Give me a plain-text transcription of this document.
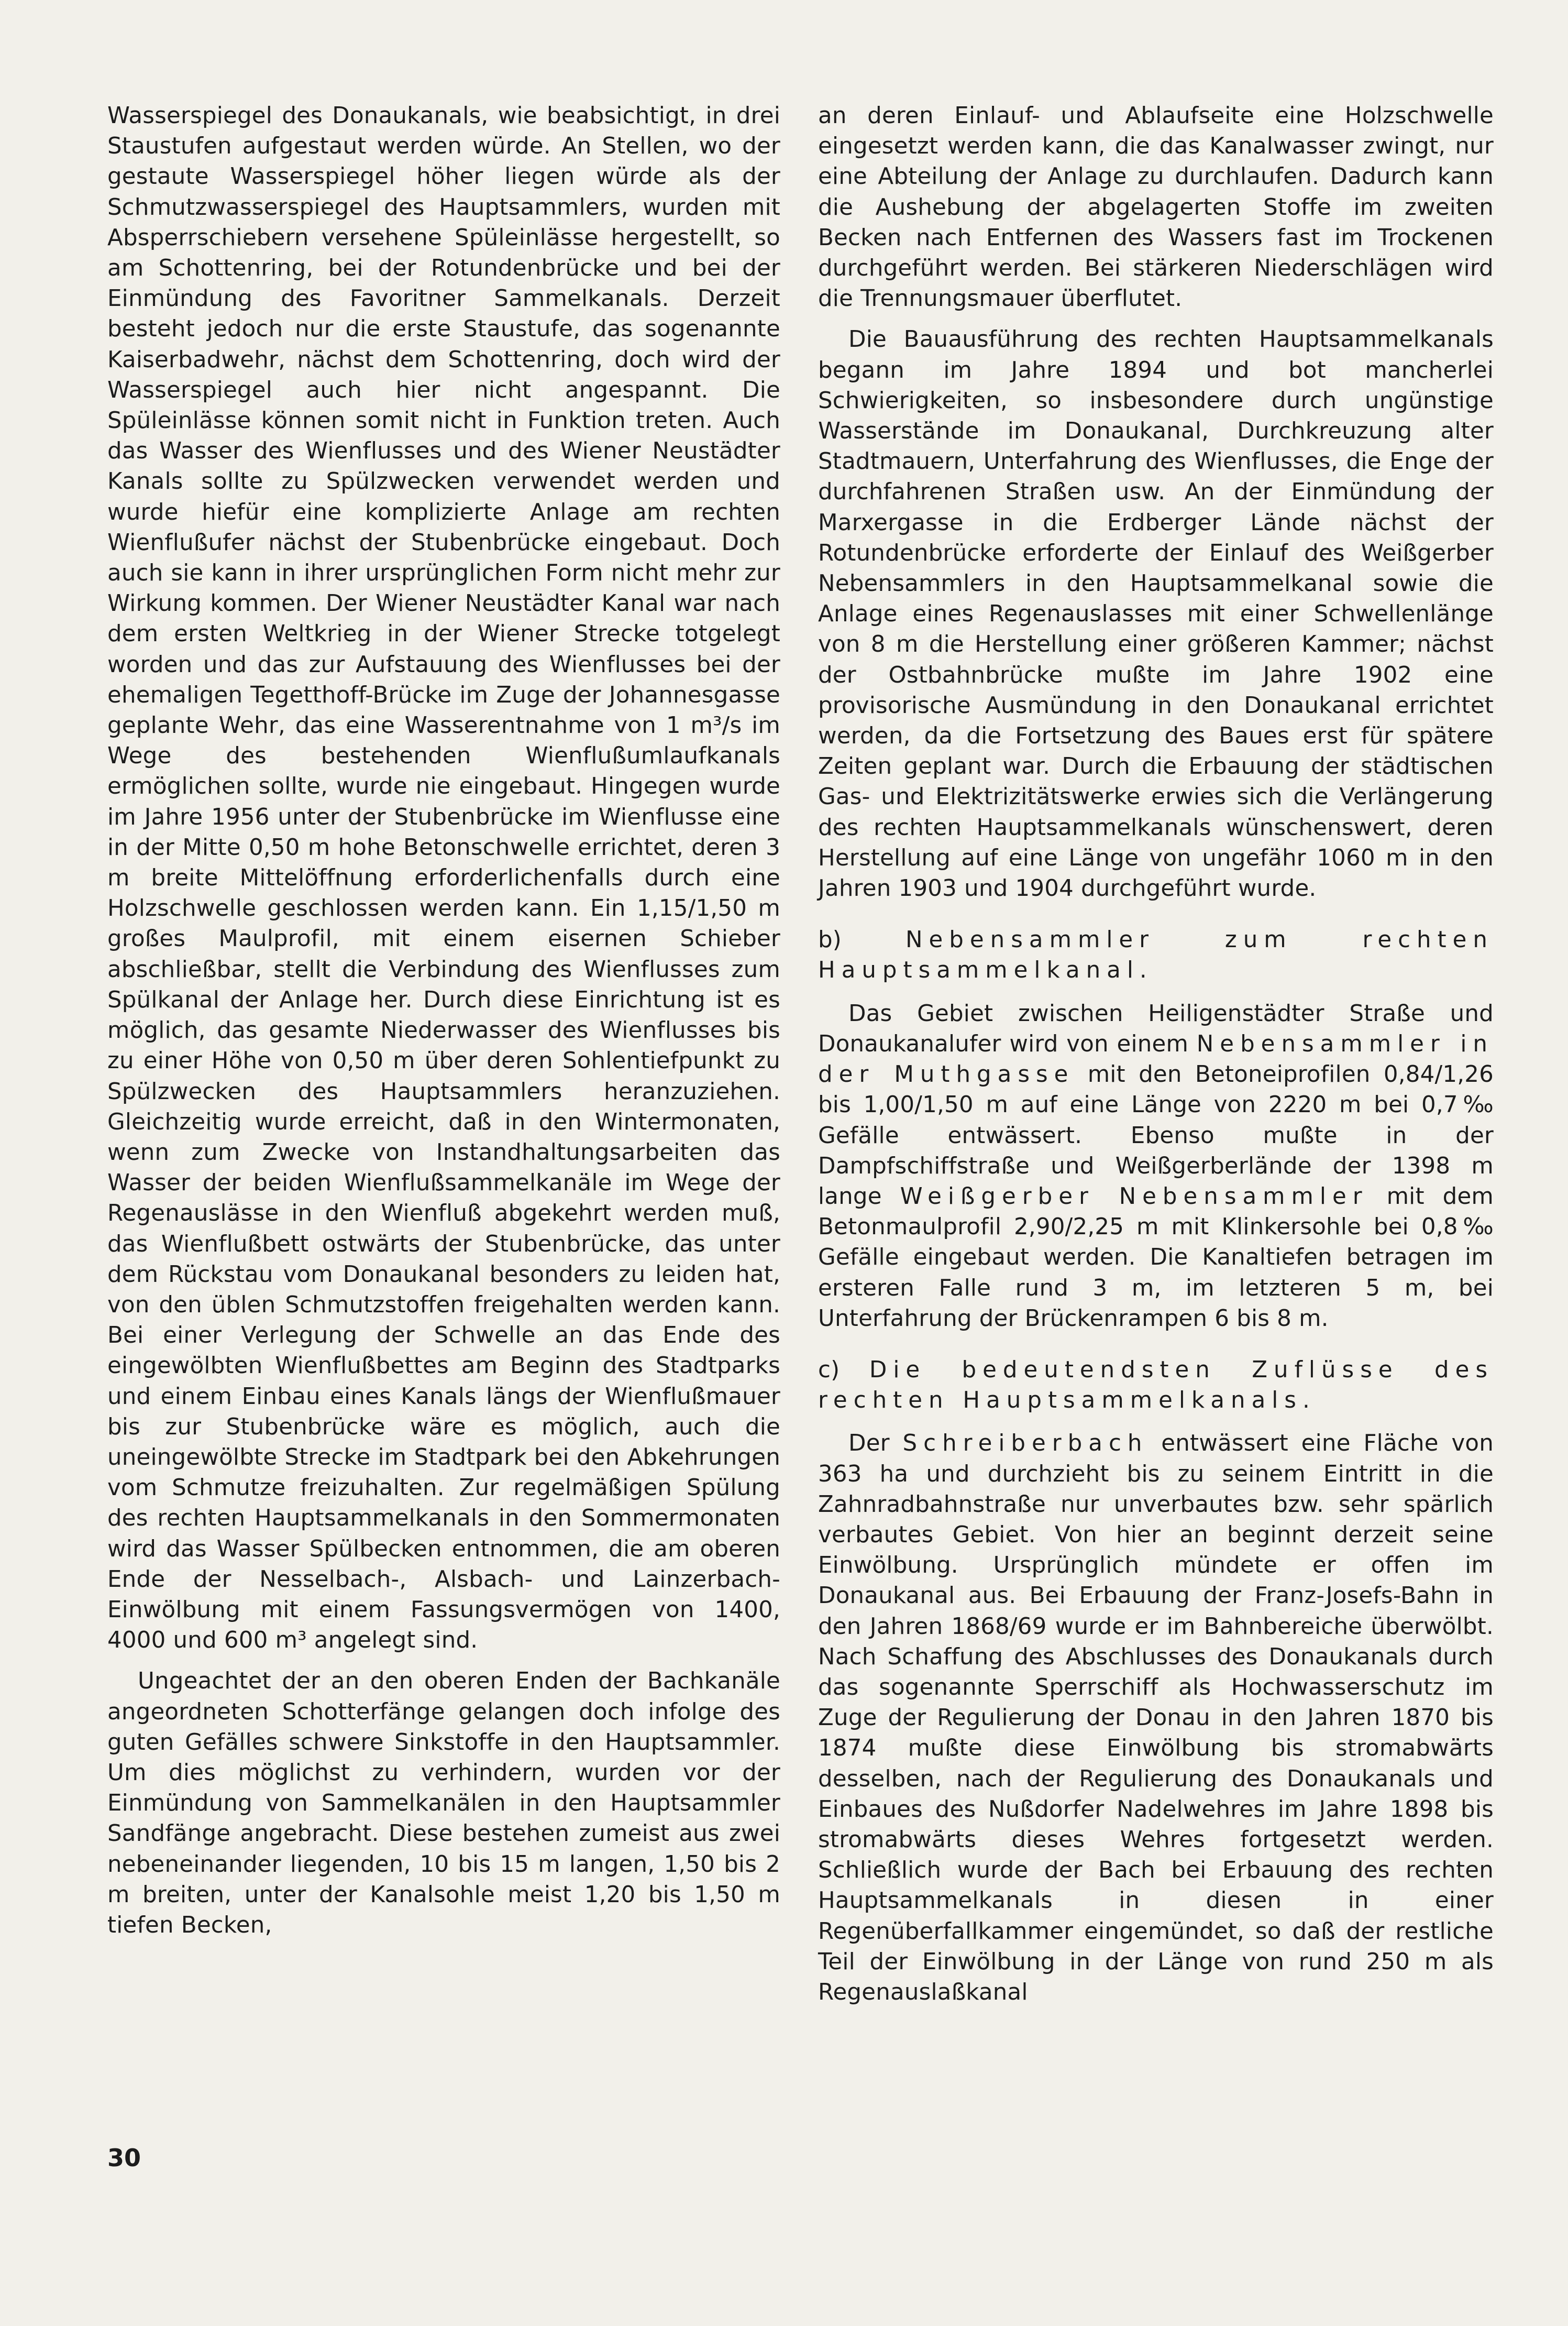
Wasserspiegel des Donaukanals, wie beabsichtigt, in drei Staustufen aufgestaut werden würde. An Stellen, wo der gestaute Wasserspiegel höher liegen würde als der Schmutzwasserspiegel des Hauptsammlers, wurden mit Absperrschiebern versehene Spüleinlässe hergestellt, so am Schottenring, bei der Rotundenbrücke und bei der Einmündung des Favoritner Sammelkanals. Derzeit besteht jedoch nur die erste Staustufe, das sogenannte Kaiserbadwehr, nächst dem Schottenring, doch wird der Wasserspiegel auch hier nicht angespannt. Die Spüleinlässe können somit nicht in Funktion treten. Auch das Wasser des Wienflusses und des Wiener Neustädter Kanals sollte zu Spülzwecken verwendet werden und wurde hiefür eine komplizierte Anlage am rechten Wienflußufer nächst der Stubenbrücke eingebaut. Doch auch sie kann in ihrer ursprünglichen Form nicht mehr zur Wirkung kommen. Der Wiener Neustädter Kanal war nach dem ersten Weltkrieg in der Wiener Strecke totgelegt worden und das zur Aufstauung des Wienflusses bei der ehemaligen Tegetthoff-Brücke im Zuge der Johannesgasse geplante Wehr, das eine Wasserentnahme von 1 m³/s im Wege des bestehenden Wienflußumlaufkanals ermöglichen sollte, wurde nie eingebaut. Hingegen wurde im Jahre 1956 unter der Stubenbrücke im Wienflusse eine in der Mitte 0,50 m hohe Betonschwelle errichtet, deren 3 m breite Mittelöffnung erforderlichenfalls durch eine Holzschwelle geschlossen werden kann. Ein 1,15/1,50 m großes Maulprofil, mit einem eisernen Schieber abschließbar, stellt die Verbindung des Wienflusses zum Spülkanal der Anlage her. Durch diese Einrichtung ist es möglich, das gesamte Niederwasser des Wienflusses bis zu einer Höhe von 0,50 m über deren Sohlentiefpunkt zu Spülzwecken des Hauptsammlers heranzuziehen. Gleichzeitig wurde erreicht, daß in den Wintermonaten, wenn zum Zwecke von Instandhaltungsarbeiten das Wasser der beiden Wienflußsammelkanäle im Wege der Regenauslässe in den Wienfluß abgekehrt werden muß, das Wienflußbett ostwärts der Stubenbrücke, das unter dem Rückstau vom Donaukanal besonders zu leiden hat, von den üblen Schmutzstoffen freigehalten werden kann. Bei einer Verlegung der Schwelle an das Ende des eingewölbten Wienflußbettes am Beginn des Stadtparks und einem Einbau eines Kanals längs der Wienflußmauer bis zur Stubenbrücke wäre es möglich, auch die uneingewölbte Strecke im Stadtpark bei den Abkehrungen vom Schmutze freizuhalten. Zur regelmäßigen Spülung des rechten Hauptsammelkanals in den Sommermonaten wird das Wasser Spülbecken entnommen, die am oberen Ende der Nesselbach-, Alsbach- und Lainzerbach-Einwölbung mit einem Fassungsvermögen von 1400, 4000 und 600 m³ angelegt sind.

Ungeachtet der an den oberen Enden der Bachkanäle angeordneten Schotterfänge gelangen doch infolge des guten Gefälles schwere Sinkstoffe in den Hauptsammler. Um dies möglichst zu verhindern, wurden vor der Einmündung von Sammelkanälen in den Hauptsammler Sandfänge angebracht. Diese bestehen zumeist aus zwei nebeneinander liegenden, 10 bis 15 m langen, 1,50 bis 2 m breiten, unter der Kanalsohle meist 1,20 bis 1,50 m tiefen Becken,

an deren Einlauf- und Ablaufseite eine Holzschwelle eingesetzt werden kann, die das Kanalwasser zwingt, nur eine Abteilung der Anlage zu durchlaufen. Dadurch kann die Aushebung der abgelagerten Stoffe im zweiten Becken nach Entfernen des Wassers fast im Trockenen durchgeführt werden. Bei stärkeren Niederschlägen wird die Trennungsmauer überflutet.

Die Bauausführung des rechten Hauptsammelkanals begann im Jahre 1894 und bot mancherlei Schwierigkeiten, so insbesondere durch ungünstige Wasserstände im Donaukanal, Durchkreuzung alter Stadtmauern, Unterfahrung des Wienflusses, die Enge der durchfahrenen Straßen usw. An der Einmündung der Marxergasse in die Erdberger Lände nächst der Rotundenbrücke erforderte der Einlauf des Weißgerber Nebensammlers in den Hauptsammelkanal sowie die Anlage eines Regenauslasses mit einer Schwellenlänge von 8 m die Herstellung einer größeren Kammer; nächst der Ostbahnbrücke mußte im Jahre 1902 eine provisorische Ausmündung in den Donaukanal errichtet werden, da die Fortsetzung des Baues erst für spätere Zeiten geplant war. Durch die Erbauung der städtischen Gas- und Elektrizitätswerke erwies sich die Verlängerung des rechten Hauptsammelkanals wünschenswert, deren Herstellung auf eine Länge von ungefähr 1060 m in den Jahren 1903 und 1904 durchgeführt wurde.

b) Nebensammler zum rechten Hauptsammelkanal.

Das Gebiet zwischen Heiligenstädter Straße und Donaukanalufer wird von einem Nebensammler in der Muthgasse mit den Betoneiprofilen 0,84/1,26 bis 1,00/1,50 m auf eine Länge von 2220 m bei 0,7‰ Gefälle entwässert. Ebenso mußte in der Dampfschiffstraße und Weißgerberlände der 1398 m lange Weißgerber Nebensammler mit dem Betonmaulprofil 2,90/2,25 m mit Klinkersohle bei 0,8‰ Gefälle eingebaut werden. Die Kanaltiefen betragen im ersteren Falle rund 3 m, im letzteren 5 m, bei Unterfahrung der Brückenrampen 6 bis 8 m.

c) Die bedeutendsten Zuflüsse des rechten Hauptsammelkanals.

Der Schreiberbach entwässert eine Fläche von 363 ha und durchzieht bis zu seinem Eintritt in die Zahnradbahnstraße nur unverbautes bzw. sehr spärlich verbautes Gebiet. Von hier an beginnt derzeit seine Einwölbung. Ursprünglich mündete er offen im Donaukanal aus. Bei Erbauung der Franz-Josefs-Bahn in den Jahren 1868/69 wurde er im Bahnbereiche überwölbt. Nach Schaffung des Abschlusses des Donaukanals durch das sogenannte Sperrschiff als Hochwasserschutz im Zuge der Regulierung der Donau in den Jahren 1870 bis 1874 mußte diese Einwölbung bis stromabwärts desselben, nach der Regulierung des Donaukanals und Einbaues des Nußdorfer Nadelwehres im Jahre 1898 bis stromabwärts dieses Wehres fortgesetzt werden. Schließlich wurde der Bach bei Erbauung des rechten Hauptsammelkanals in diesen in einer Regenüberfallkammer eingemündet, so daß der restliche Teil der Einwölbung in der Länge von rund 250 m als Regenauslaßkanal

30
